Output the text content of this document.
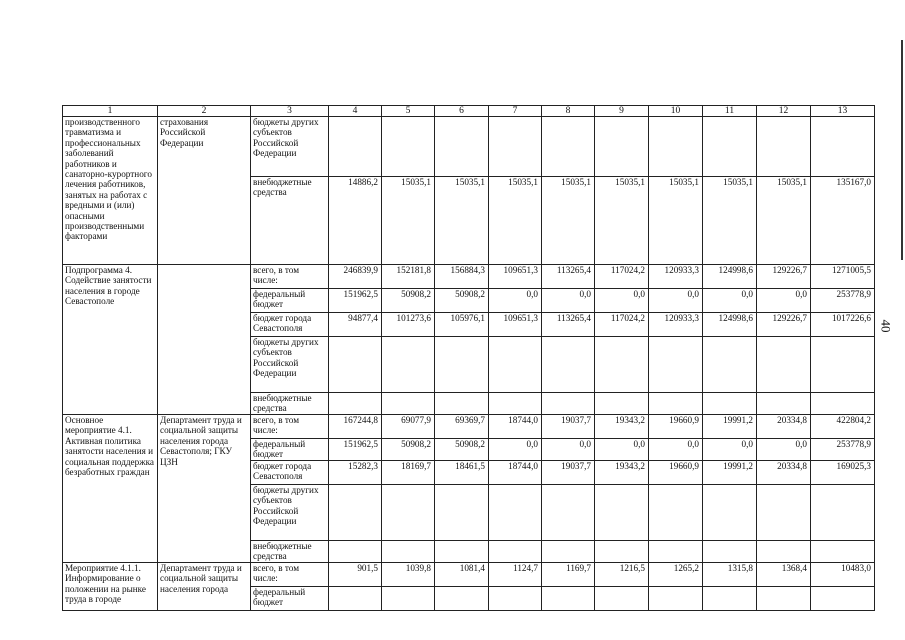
1	2	3	4	5	6	7	8	9	10	11	12	13
производственного травматизма и профессиональных заболеваний работников и санаторно-курортного лечения работников, занятых на работах с вредными и (или) опасными производственными факторами	страхования Российской Федерации	бюджеты других субъектов Российской Федерации										
		внебюджетные средства	14886,2	15035,1	15035,1	15035,1	15035,1	15035,1	15035,1	15035,1	15035,1	135167,0
Подпрограмма 4. Содействие занятости населения в городе Севастополе		всего, в том числе:	246839,9	152181,8	156884,3	109651,3	113265,4	117024,2	120933,3	124998,6	129226,7	1271005,5
		федеральный бюджет	151962,5	50908,2	50908,2	0,0	0,0	0,0	0,0	0,0	0,0	253778,9
		бюджет города Севастополя	94877,4	101273,6	105976,1	109651,3	113265,4	117024,2	120933,3	124998,6	129226,7	1017226,6
		бюджеты других субъектов Российской Федерации										
		внебюджетные средства										
Основное мероприятие 4.1. Активная политика занятости населения и социальная поддержка безработных граждан	Департамент труда и социальной защиты населения города Севастополя; ГКУ ЦЗН	всего, в том числе:	167244,8	69077,9	69369,7	18744,0	19037,7	19343,2	19660,9	19991,2	20334,8	422804,2
		федеральный бюджет	151962,5	50908,2	50908,2	0,0	0,0	0,0	0,0	0,0	0,0	253778,9
		бюджет города Севастополя	15282,3	18169,7	18461,5	18744,0	19037,7	19343,2	19660,9	19991,2	20334,8	169025,3
		бюджеты других субъектов Российской Федерации										
		внебюджетные средства										
Мероприятие 4.1.1. Информирование о положении на рынке труда в городе	Департамент труда и социальной защиты населения города	всего, в том числе:	901,5	1039,8	1081,4	1124,7	1169,7	1216,5	1265,2	1315,8	1368,4	10483,0
		федеральный бюджет										
40
